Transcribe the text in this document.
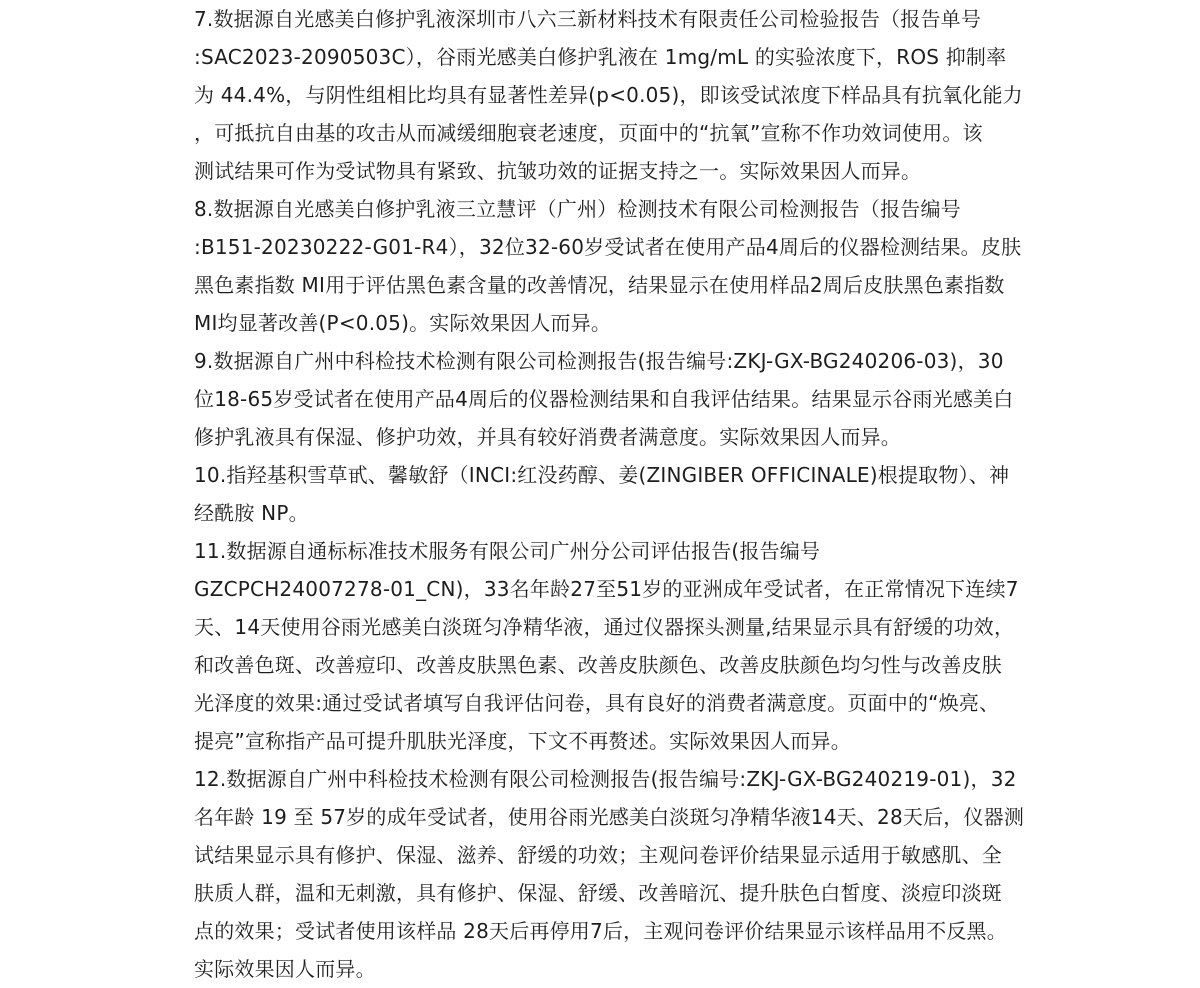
7.数据源自光感美白修护乳液深圳市八六三新材料技术有限责任公司检验报告（报告单号
:SAC2023-2090503C），谷雨光感美白修护乳液在 1mg/mL 的实验浓度下，ROS 抑制率
为 44.4%，与阴性组相比均具有显著性差异(p<0.05)，即该受试浓度下样品具有抗氧化能力
，可抵抗自由基的攻击从而减缓细胞衰老速度，页面中的“抗氧”宣称不作功效词使用。该
测试结果可作为受试物具有紧致、抗皱功效的证据支持之一。实际效果因人而异。
8.数据源自光感美白修护乳液三立慧评（广州）检测技术有限公司检测报告（报告编号
:B151-20230222-G01-R4），32位32-60岁受试者在使用产品4周后的仪器检测结果。皮肤
黑色素指数 MI用于评估黑色素含量的改善情况，结果显示在使用样品2周后皮肤黑色素指数
MI均显著改善(P<0.05)。实际效果因人而异。
9.数据源自广州中科检技术检测有限公司检测报告(报告编号:ZKJ-GX-BG240206-03)，30
位18-65岁受试者在使用产品4周后的仪器检测结果和自我评估结果。结果显示谷雨光感美白
修护乳液具有保湿、修护功效，并具有较好消费者满意度。实际效果因人而异。
10.指羟基积雪草甙、馨敏舒（INCI:红没药醇、姜(ZINGIBER OFFICINALE)根提取物）、神
经酰胺 NP。
11.数据源自通标标准技术服务有限公司广州分公司评估报告(报告编号
GZCPCH24007278-01_CN)，33名年龄27至51岁的亚洲成年受试者，在正常情况下连续7
天、14天使用谷雨光感美白淡斑匀净精华液，通过仪器探头测量,结果显示具有舒缓的功效，
和改善色斑、改善痘印、改善皮肤黑色素、改善皮肤颜色、改善皮肤颜色均匀性与改善皮肤
光泽度的效果:通过受试者填写自我评估问卷，具有良好的消费者满意度。页面中的“焕亮、
提亮”宣称指产品可提升肌肤光泽度，下文不再赘述。实际效果因人而异。
12.数据源自广州中科检技术检测有限公司检测报告(报告编号:ZKJ-GX-BG240219-01)，32
名年龄 19 至 57岁的成年受试者，使用谷雨光感美白淡斑匀净精华液14天、28天后，仪器测
试结果显示具有修护、保湿、滋养、舒缓的功效；主观问卷评价结果显示适用于敏感肌、全
肤质人群，温和无刺激，具有修护、保湿、舒缓、改善暗沉、提升肤色白皙度、淡痘印淡斑
点的效果；受试者使用该样品 28天后再停用7后，主观问卷评价结果显示该样品用不反黑。
实际效果因人而异。
